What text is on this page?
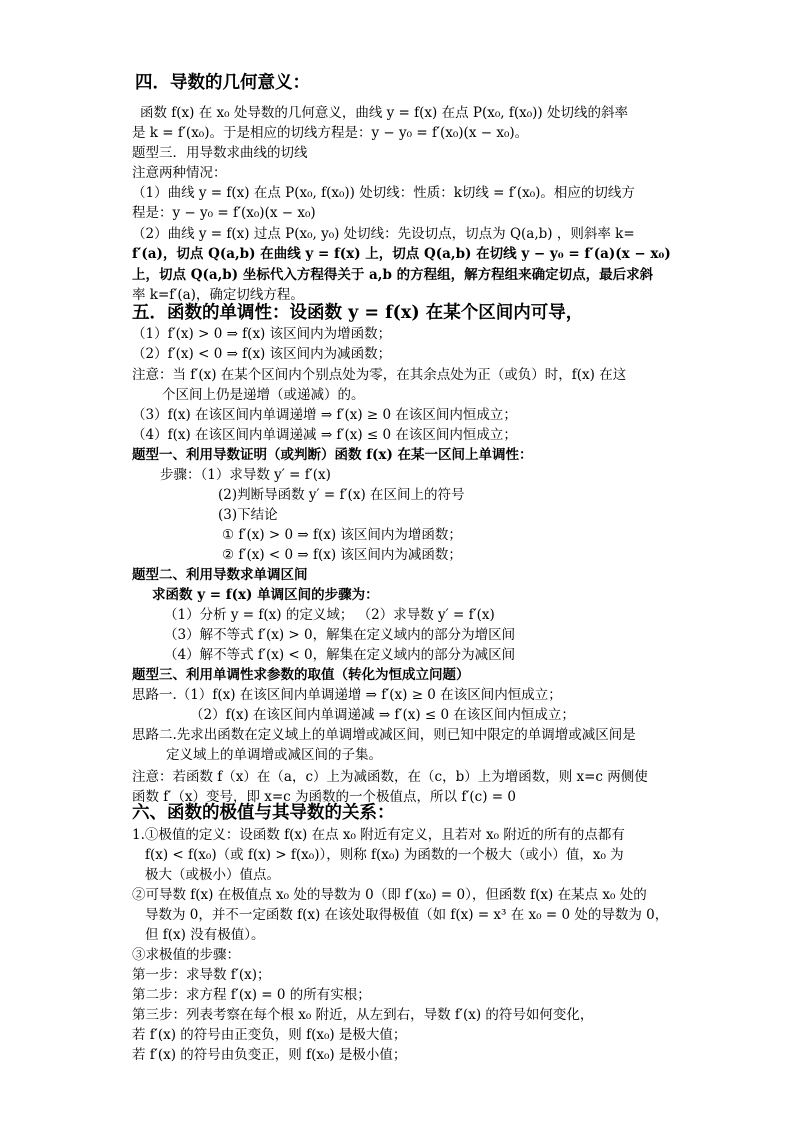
四．导数的几何意义：
函数 f(x) 在 x₀ 处导数的几何意义，曲线 y = f(x) 在点 P(x₀, f(x₀)) 处切线的斜率
是 k = f′(x₀)。于是相应的切线方程是：y − y₀ = f′(x₀)(x − x₀)。
题型三．用导数求曲线的切线
注意两种情况：
（1）曲线 y = f(x) 在点 P(x₀, f(x₀)) 处切线：性质：k切线 = f′(x₀)。相应的切线方
程是：y − y₀ = f′(x₀)(x − x₀)
（2）曲线 y = f(x) 过点 P(x₀, y₀) 处切线：先设切点，切点为 Q(a,b) ，则斜率 k=
f′(a)，切点 Q(a,b) 在曲线 y = f(x) 上，切点 Q(a,b) 在切线 y − y₀ = f′(a)(x − x₀)
上，切点 Q(a,b) 坐标代入方程得关于 a,b 的方程组，解方程组来确定切点，最后求斜
率 k=f′(a)，确定切线方程。
五．函数的单调性：设函数 y = f(x) 在某个区间内可导，
（1）f′(x) > 0 ⇒ f(x) 该区间内为增函数；
（2）f′(x) < 0 ⇒ f(x) 该区间内为减函数；
注意：当 f′(x) 在某个区间内个别点处为零，在其余点处为正（或负）时，f(x) 在这
个区间上仍是递增（或递减）的。
（3）f(x) 在该区间内单调递增 ⇒ f′(x) ≥ 0 在该区间内恒成立；
（4）f(x) 在该区间内单调递减 ⇒ f′(x) ≤ 0 在该区间内恒成立；
题型一、利用导数证明（或判断）函数 f(x) 在某一区间上单调性：
步骤：（1）求导数 y′ = f′(x)
(2)判断导函数 y′ = f′(x) 在区间上的符号
(3)下结论
① f′(x) > 0 ⇒ f(x) 该区间内为增函数；
② f′(x) < 0 ⇒ f(x) 该区间内为减函数；
题型二、利用导数求单调区间
求函数 y = f(x) 单调区间的步骤为：
（1）分析 y = f(x) 的定义域； （2）求导数 y′ = f′(x)
（3）解不等式 f′(x) > 0，解集在定义域内的部分为增区间
（4）解不等式 f′(x) < 0，解集在定义域内的部分为减区间
题型三、利用单调性求参数的取值（转化为恒成立问题）
思路一.（1）f(x) 在该区间内单调递增 ⇒ f′(x) ≥ 0 在该区间内恒成立；
（2）f(x) 在该区间内单调递减 ⇒ f′(x) ≤ 0 在该区间内恒成立；
思路二.先求出函数在定义域上的单调增或减区间，则已知中限定的单调增或减区间是
定义域上的单调增或减区间的子集。
注意：若函数 f（x）在（a，c）上为减函数，在（c，b）上为增函数，则 x=c 两侧使
函数 f′（x）变号，即 x=c 为函数的一个极值点，所以 f′(c) = 0
六、函数的极值与其导数的关系：
1.①极值的定义：设函数 f(x) 在点 x₀ 附近有定义，且若对 x₀ 附近的所有的点都有
f(x) < f(x₀)（或 f(x) > f(x₀)），则称 f(x₀) 为函数的一个极大（或小）值，x₀ 为
极大（或极小）值点。
②可导数 f(x) 在极值点 x₀ 处的导数为 0（即 f′(x₀) = 0），但函数 f(x) 在某点 x₀ 处的
导数为 0，并不一定函数 f(x) 在该处取得极值（如 f(x) = x³ 在 x₀ = 0 处的导数为 0，
但 f(x) 没有极值）。
③求极值的步骤：
第一步：求导数 f′(x)；
第二步：求方程 f′(x) = 0 的所有实根；
第三步：列表考察在每个根 x₀ 附近，从左到右，导数 f′(x) 的符号如何变化，
若 f′(x) 的符号由正变负，则 f(x₀) 是极大值；
若 f′(x) 的符号由负变正，则 f(x₀) 是极小值；
